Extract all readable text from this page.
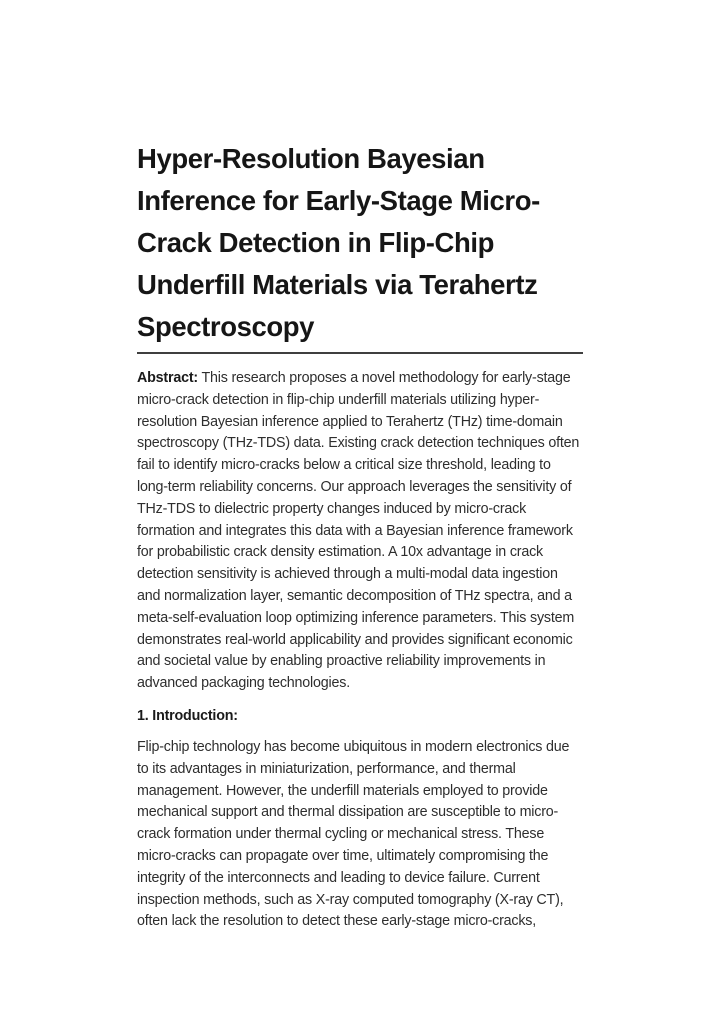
Hyper-Resolution Bayesian Inference for Early-Stage Micro-Crack Detection in Flip-Chip Underfill Materials via Terahertz Spectroscopy

Abstract: This research proposes a novel methodology for early-stage micro-crack detection in flip-chip underfill materials utilizing hyper-resolution Bayesian inference applied to Terahertz (THz) time-domain spectroscopy (THz-TDS) data. Existing crack detection techniques often fail to identify micro-cracks below a critical size threshold, leading to long-term reliability concerns. Our approach leverages the sensitivity of THz-TDS to dielectric property changes induced by micro-crack formation and integrates this data with a Bayesian inference framework for probabilistic crack density estimation. A 10x advantage in crack detection sensitivity is achieved through a multi-modal data ingestion and normalization layer, semantic decomposition of THz spectra, and a meta-self-evaluation loop optimizing inference parameters. This system demonstrates real-world applicability and provides significant economic and societal value by enabling proactive reliability improvements in advanced packaging technologies.

1. Introduction:

Flip-chip technology has become ubiquitous in modern electronics due to its advantages in miniaturization, performance, and thermal management. However, the underfill materials employed to provide mechanical support and thermal dissipation are susceptible to micro-crack formation under thermal cycling or mechanical stress. These micro-cracks can propagate over time, ultimately compromising the integrity of the interconnects and leading to device failure. Current inspection methods, such as X-ray computed tomography (X-ray CT), often lack the resolution to detect these early-stage micro-cracks,
